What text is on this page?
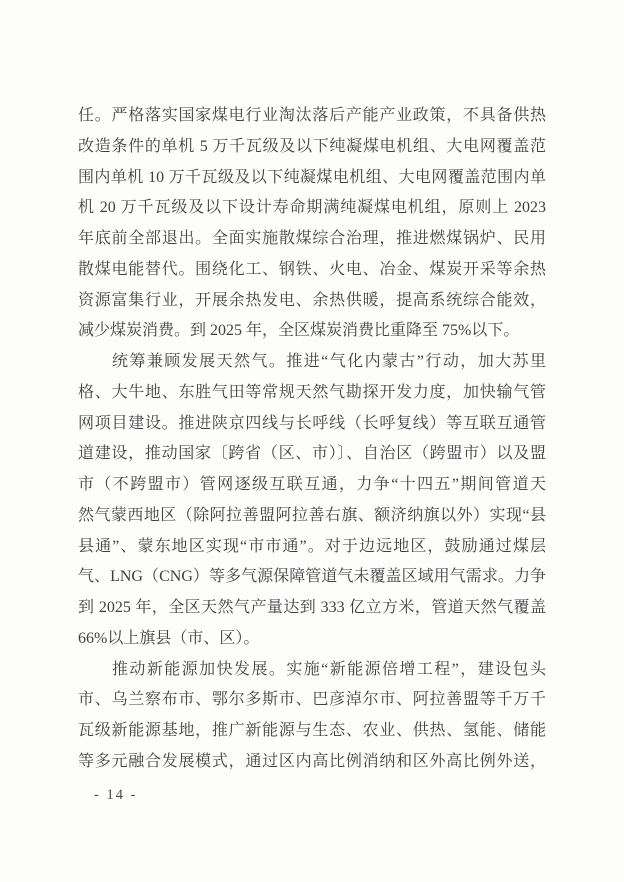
任。严格落实国家煤电行业淘汰落后产能产业政策，不具备供热
改造条件的单机 5 万千瓦级及以下纯凝煤电机组、大电网覆盖范
围内单机 10 万千瓦级及以下纯凝煤电机组、大电网覆盖范围内单
机 20 万千瓦级及以下设计寿命期满纯凝煤电机组，原则上 2023
年底前全部退出。全面实施散煤综合治理，推进燃煤锅炉、民用
散煤电能替代。围绕化工、钢铁、火电、冶金、煤炭开采等余热
资源富集行业，开展余热发电、余热供暖，提高系统综合能效，
减少煤炭消费。到 2025 年，全区煤炭消费比重降至 75%以下。
统筹兼顾发展天然气。推进“气化内蒙古”行动，加大苏里
格、大牛地、东胜气田等常规天然气勘探开发力度，加快输气管
网项目建设。推进陕京四线与长呼线（长呼复线）等互联互通管
道建设，推动国家〔跨省（区、市）〕、自治区（跨盟市）以及盟
市（不跨盟市）管网逐级互联互通，力争“十四五”期间管道天
然气蒙西地区（除阿拉善盟阿拉善右旗、额济纳旗以外）实现“县
县通”、蒙东地区实现“市市通”。对于边远地区，鼓励通过煤层
气、LNG（CNG）等多气源保障管道气未覆盖区域用气需求。力争
到 2025 年，全区天然气产量达到 333 亿立方米，管道天然气覆盖
66%以上旗县（市、区）。
推动新能源加快发展。实施“新能源倍增工程”，建设包头
市、乌兰察布市、鄂尔多斯市、巴彦淖尔市、阿拉善盟等千万千
瓦级新能源基地，推广新能源与生态、农业、供热、氢能、储能
等多元融合发展模式，通过区内高比例消纳和区外高比例外送，
- 14 -
